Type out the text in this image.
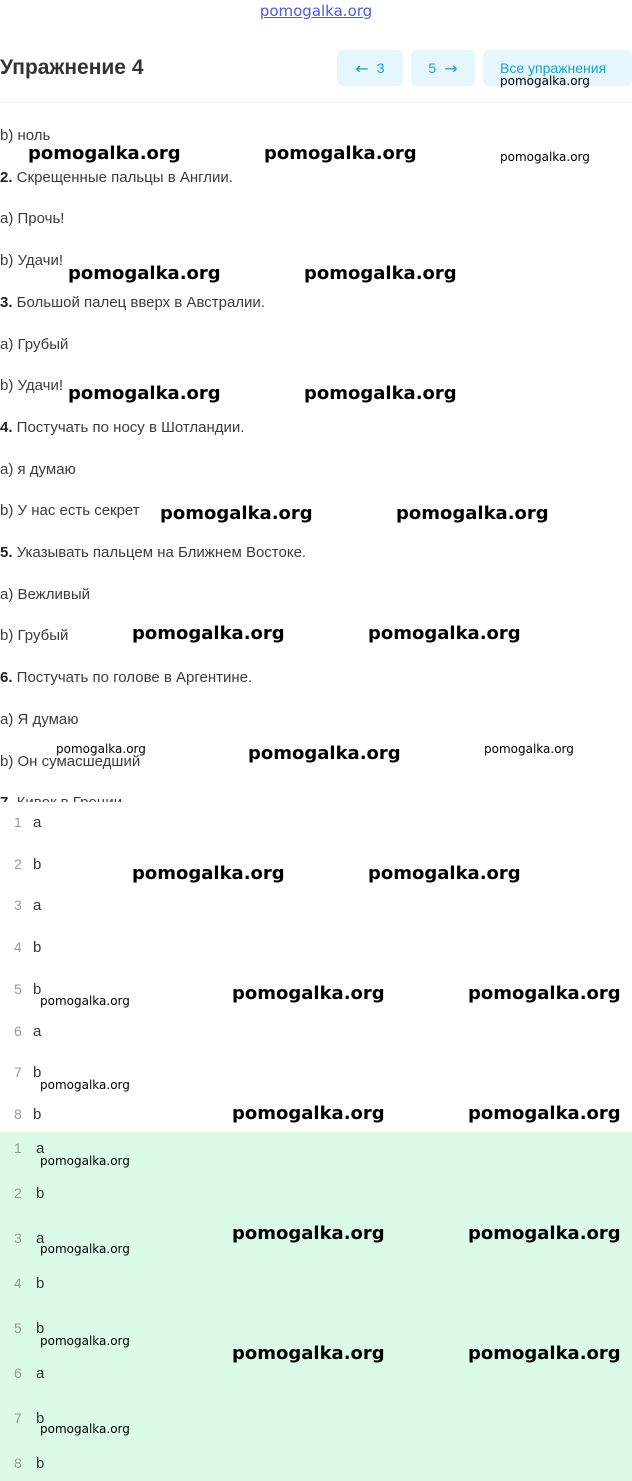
pomogalka.org
Упражнение 4	← 3	5 →	Все упражнения
b) ноль
2. Скрещенные пальцы в Англии.
a) Прочь!
b) Удачи!
3. Большой палец вверх в Австралии.
a) Грубый
b) Удачи!
4. Постучать по носу в Шотландии.
a) я думаю
b) У нас есть секрет
5. Указывать пальцем на Ближнем Востоке.
a) Вежливый
b) Грубый
6. Постучать по голове в Аргентине.
a) Я думаю
b) Он сумасшедший
1 a
2 b
3 a
4 b
5 b
6 a
7 b
8 b
1 a
2 b
3 a
4 b
5 b
6 a
7 b
8 b
pomogalka.org	pomogalka.org	pomogalka.org
pomogalka.org	pomogalka.org
pomogalka.org	pomogalka.org
pomogalka.org	pomogalka.org
pomogalka.org	pomogalka.org
pomogalka.org	pomogalka.org	pomogalka.org
pomogalka.org	pomogalka.org
pomogalka.org	pomogalka.org	pomogalka.org
pomogalka.org
pomogalka.org	pomogalka.org
pomogalka.org
pomogalka.org	pomogalka.org
pomogalka.org
pomogalka.org
pomogalka.org	pomogalka.org
pomogalka.org
pomogalka.org
